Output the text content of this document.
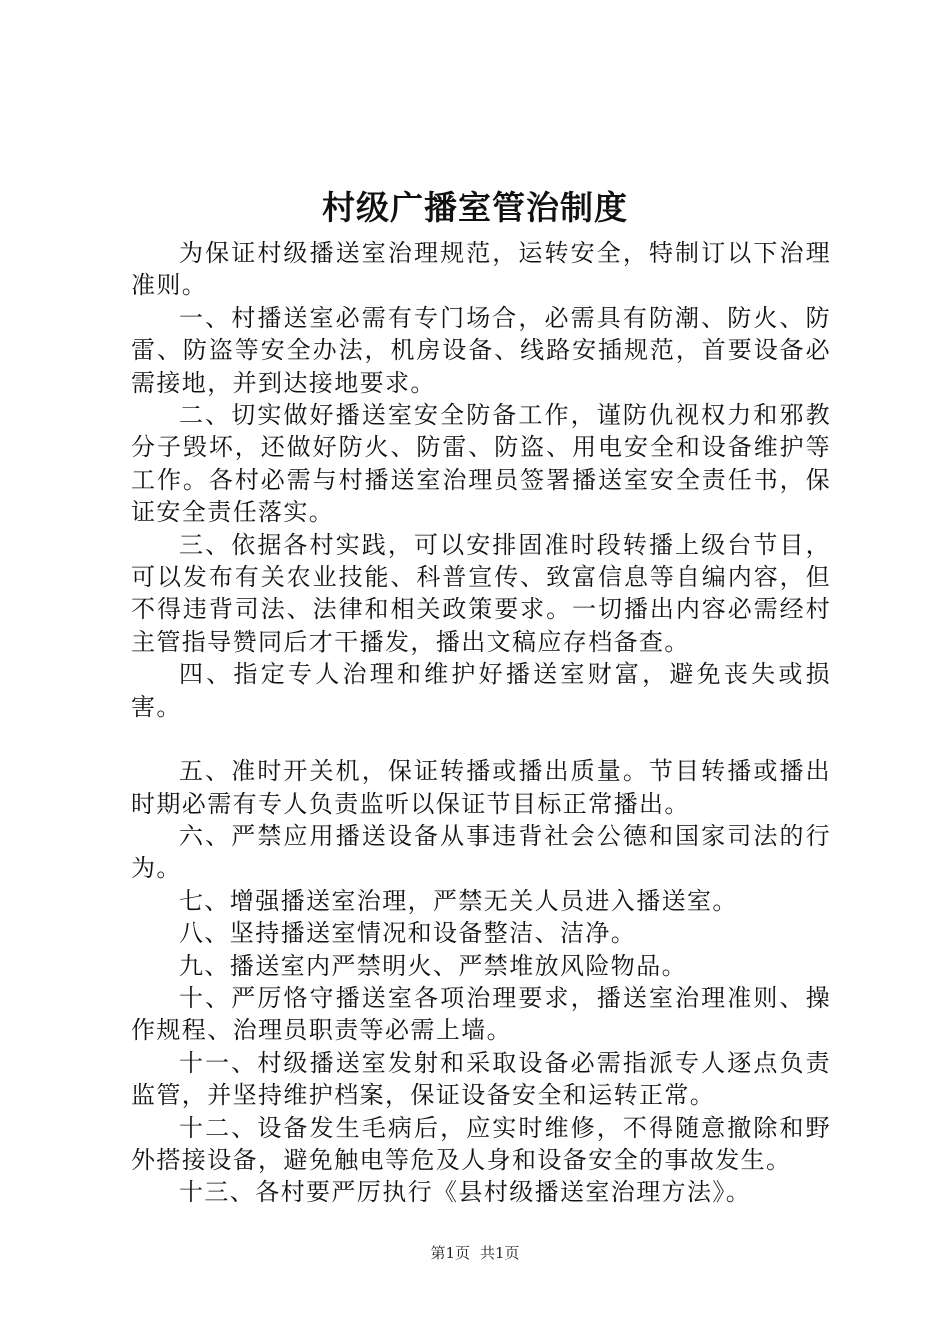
村级广播室管治制度

为保证村级播送室治理规范，运转安全，特制订以下治理准则。

一、村播送室必需有专门场合，必需具有防潮、防火、防雷、防盗等安全办法，机房设备、线路安插规范，首要设备必需接地，并到达接地要求。

二、切实做好播送室安全防备工作，谨防仇视权力和邪教分子毁坏，还做好防火、防雷、防盗、用电安全和设备维护等工作。各村必需与村播送室治理员签署播送室安全责任书，保证安全责任落实。

三、依据各村实践，可以安排固准时段转播上级台节目，可以发布有关农业技能、科普宣传、致富信息等自编内容，但不得违背司法、法律和相关政策要求。一切播出内容必需经村主管指导赞同后才干播发，播出文稿应存档备查。

四、指定专人治理和维护好播送室财富，避免丧失或损害。

五、准时开关机，保证转播或播出质量。节目转播或播出时期必需有专人负责监听以保证节目标正常播出。

六、严禁应用播送设备从事违背社会公德和国家司法的行为。

七、增强播送室治理，严禁无关人员进入播送室。

八、坚持播送室情况和设备整洁、洁净。

九、播送室内严禁明火、严禁堆放风险物品。

十、严厉恪守播送室各项治理要求，播送室治理准则、操作规程、治理员职责等必需上墙。

十一、村级播送室发射和采取设备必需指派专人逐点负责监管，并坚持维护档案，保证设备安全和运转正常。

十二、设备发生毛病后，应实时维修，不得随意撤除和野外搭接设备，避免触电等危及人身和设备安全的事故发生。

十三、各村要严厉执行《县村级播送室治理方法》。

第1页 共1页
